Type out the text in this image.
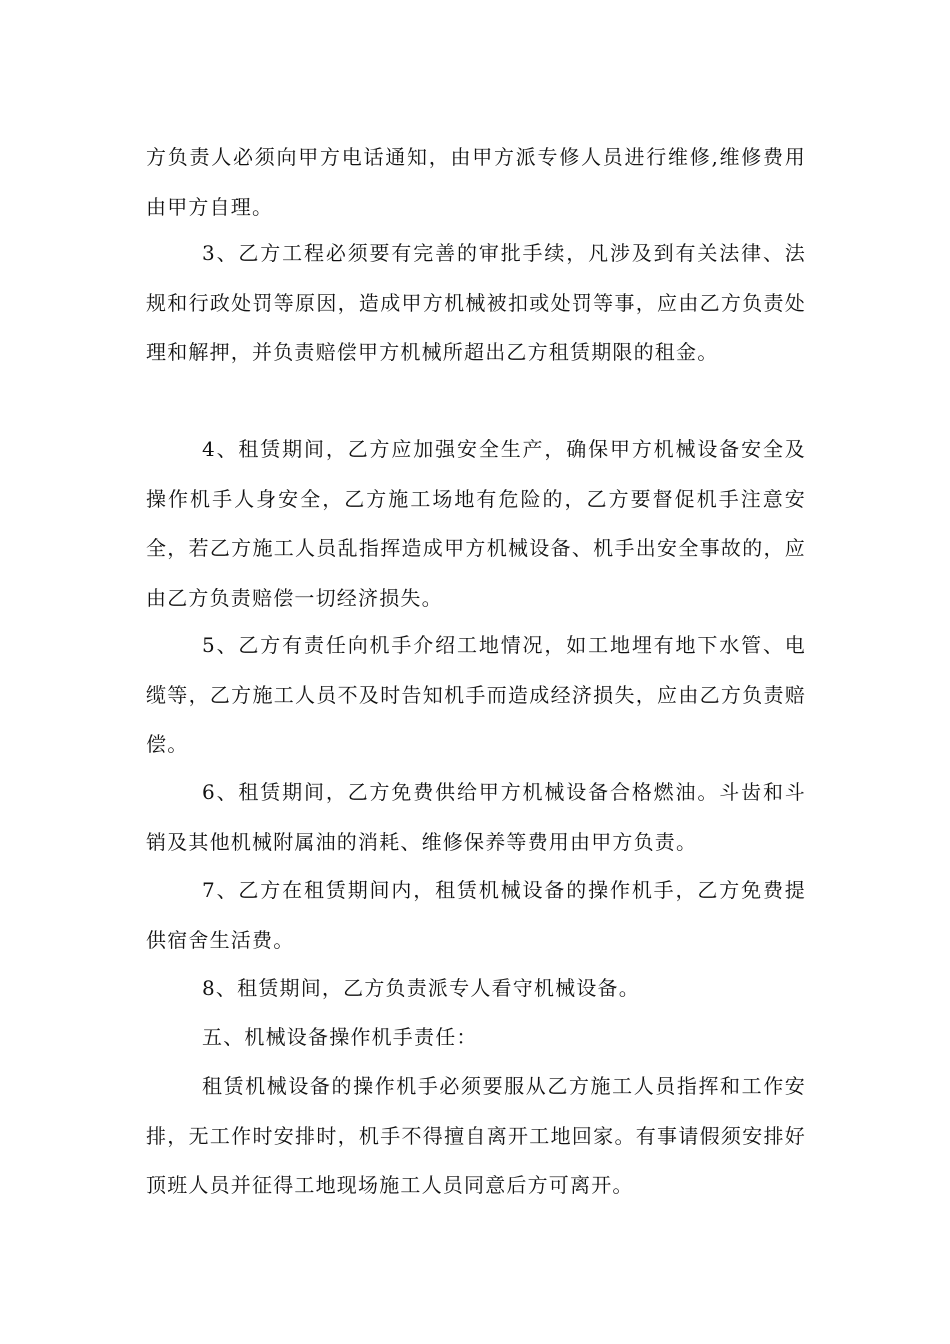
方负责人必须向甲方电话通知，由甲方派专修人员进行维修,维修费用由甲方自理。

3、乙方工程必须要有完善的审批手续，凡涉及到有关法律、法规和行政处罚等原因，造成甲方机械被扣或处罚等事，应由乙方负责处理和解押，并负责赔偿甲方机械所超出乙方租赁期限的租金。

4、租赁期间，乙方应加强安全生产，确保甲方机械设备安全及操作机手人身安全，乙方施工场地有危险的，乙方要督促机手注意安全，若乙方施工人员乱指挥造成甲方机械设备、机手出安全事故的，应由乙方负责赔偿一切经济损失。

5、乙方有责任向机手介绍工地情况，如工地埋有地下水管、电缆等，乙方施工人员不及时告知机手而造成经济损失，应由乙方负责赔偿。

6、租赁期间，乙方免费供给甲方机械设备合格燃油。斗齿和斗销及其他机械附属油的消耗、维修保养等费用由甲方负责。

7、乙方在租赁期间内，租赁机械设备的操作机手，乙方免费提供宿舍生活费。

8、租赁期间，乙方负责派专人看守机械设备。

五、机械设备操作机手责任：

租赁机械设备的操作机手必须要服从乙方施工人员指挥和工作安排，无工作时安排时，机手不得擅自离开工地回家。有事请假须安排好顶班人员并征得工地现场施工人员同意后方可离开。
